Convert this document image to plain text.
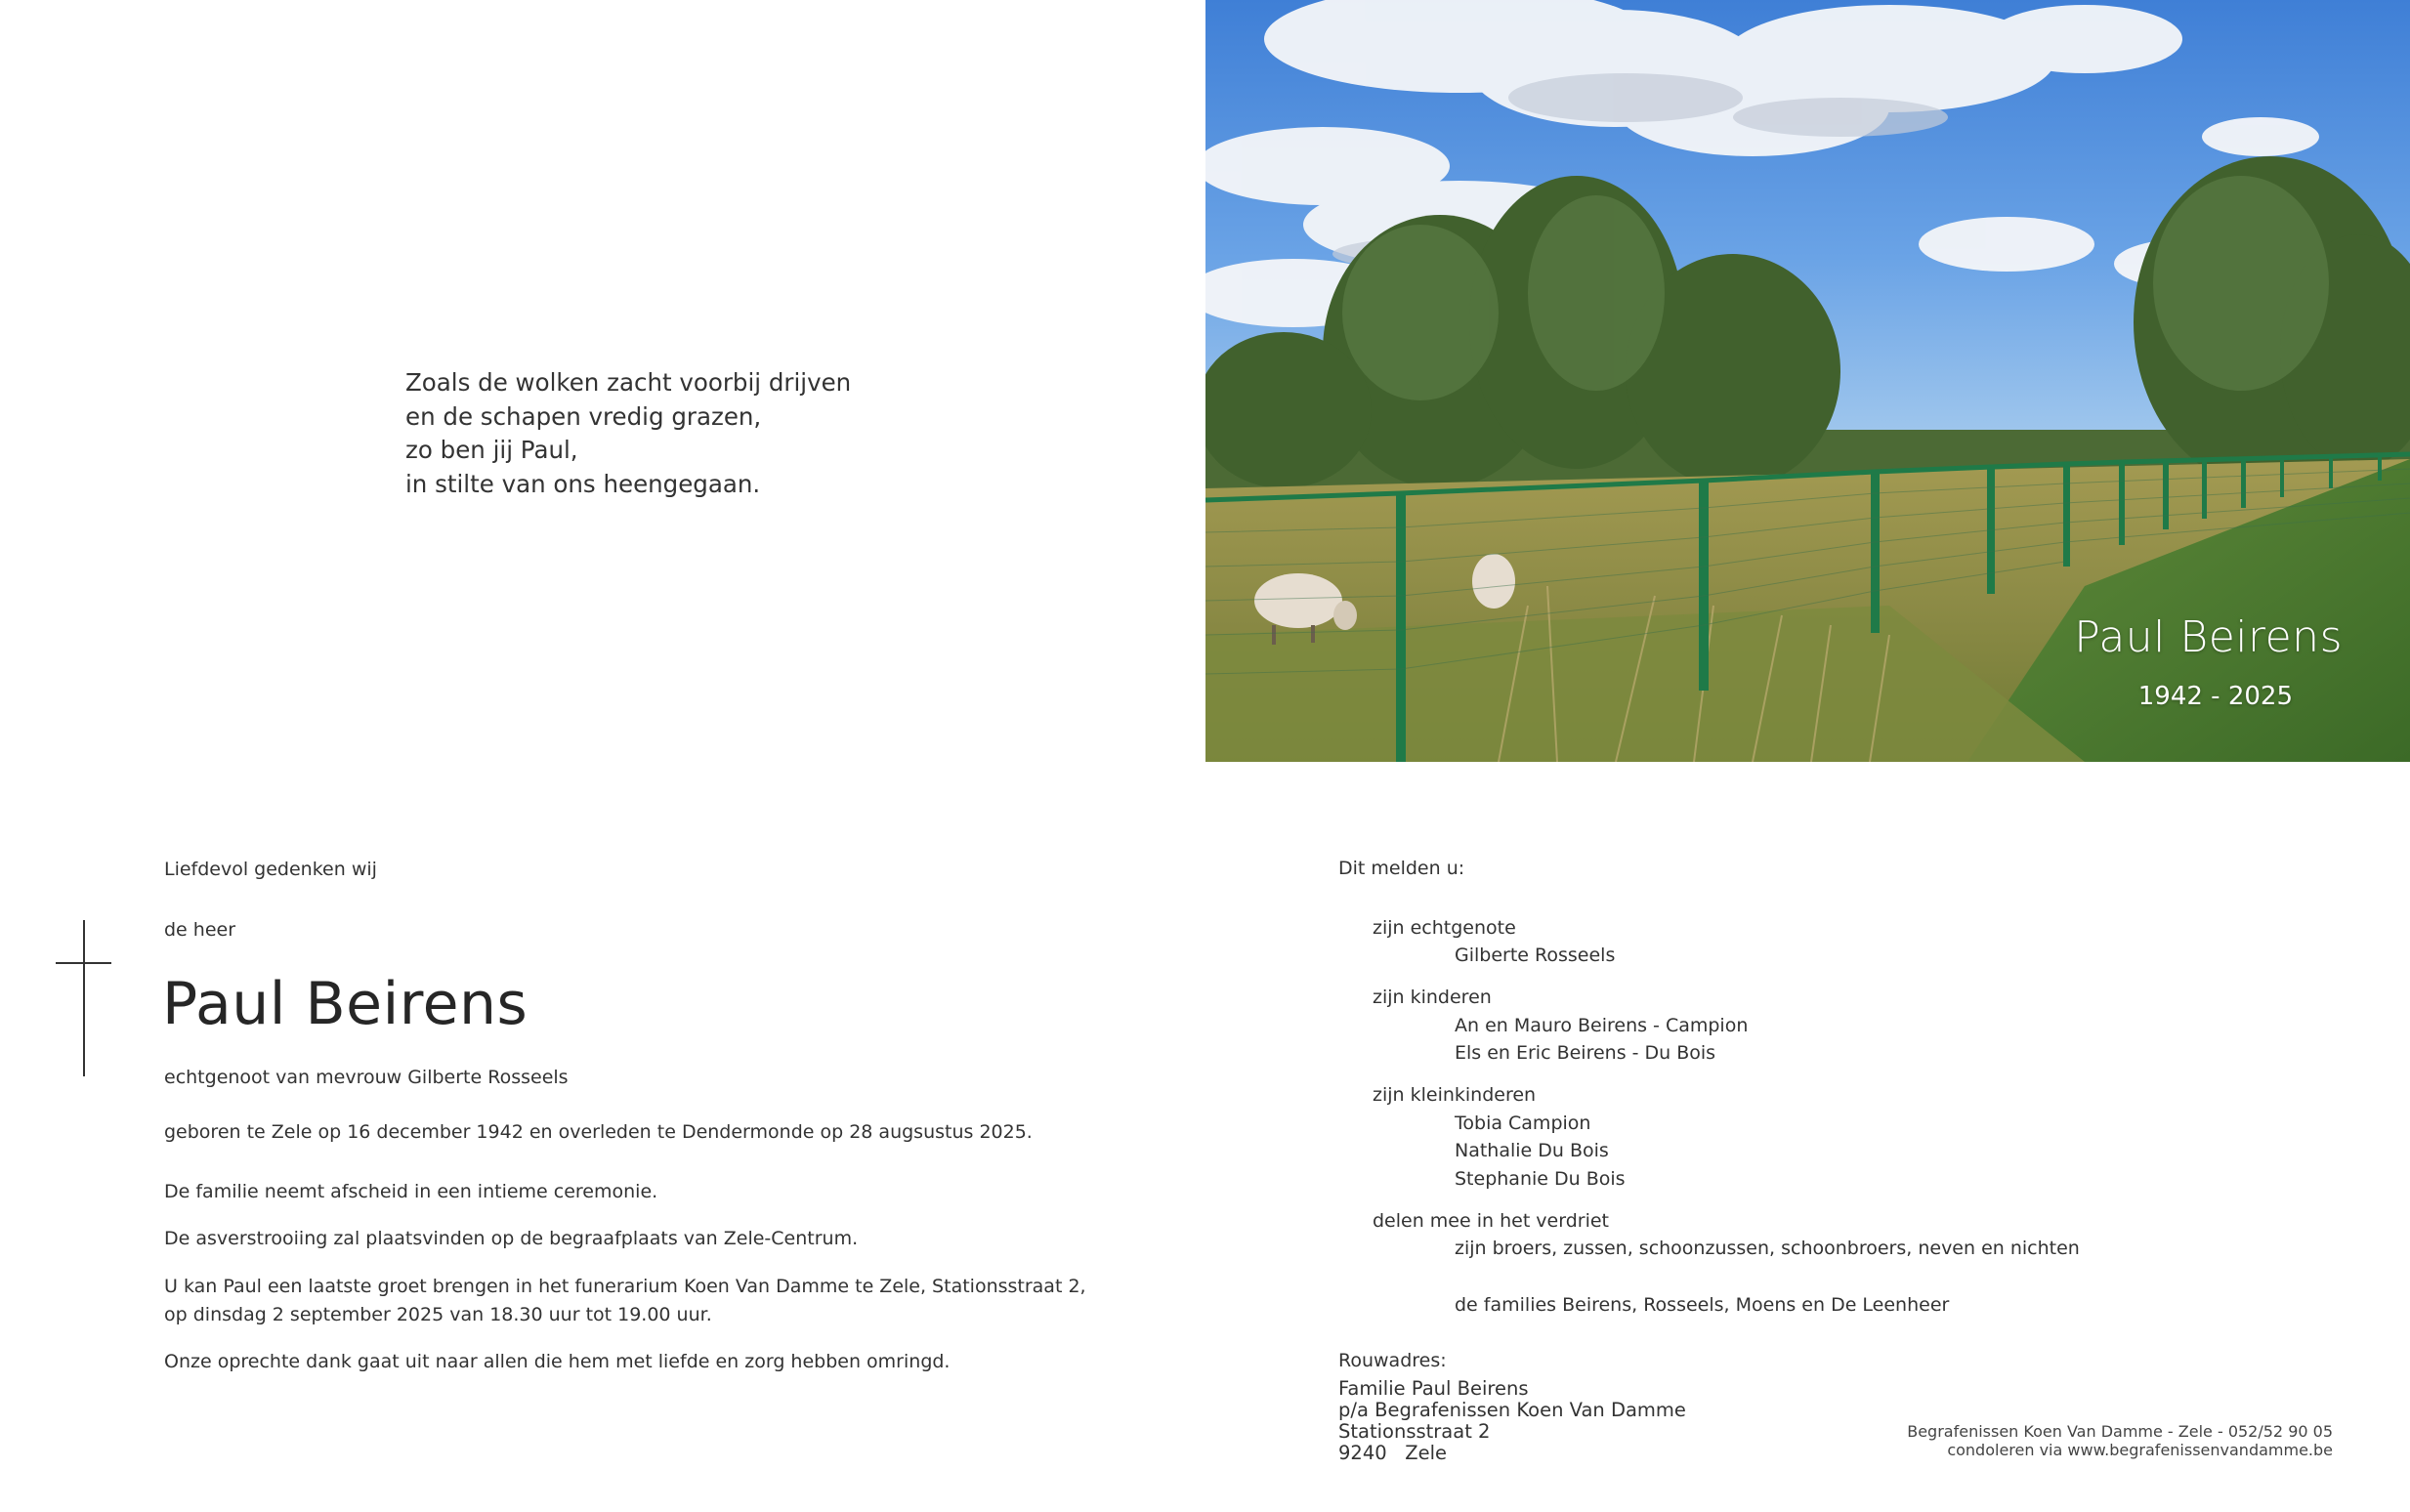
Zoals de wolken zacht voorbij drijven
en de schapen vredig grazen,
zo ben jij Paul,
in stilte van ons heengegaan.
Paul Beirens
1942 - 2025
Liefdevol gedenken wij
de heer
Paul Beirens
echtgenoot van mevrouw Gilberte Rosseels
geboren te Zele op 16 december 1942 en overleden te Dendermonde op 28 augsustus 2025.
De familie neemt afscheid in een intieme ceremonie.
De asverstrooiing zal plaatsvinden op de begraafplaats van Zele-Centrum.
U kan Paul een laatste groet brengen in het funerarium Koen Van Damme te Zele, Stationsstraat 2,
op dinsdag 2 september 2025 van 18.30 uur tot 19.00 uur.
Onze oprechte dank gaat uit naar allen die hem met liefde en zorg hebben omringd.
Dit melden u:
zijn echtgenote
Gilberte Rosseels
zijn kinderen
An en Mauro Beirens - Campion
Els en Eric Beirens - Du Bois
zijn kleinkinderen
Tobia Campion
Nathalie Du Bois
Stephanie Du Bois
delen mee in het verdriet
zijn broers, zussen, schoonzussen, schoonbroers, neven en nichten
de families Beirens, Rosseels, Moens en De Leenheer
Rouwadres:
Familie Paul Beirens
p/a Begrafenissen Koen Van Damme
Stationsstraat 2
9240   Zele
Begrafenissen Koen Van Damme - Zele - 052/52 90 05
condoleren via www.begrafenissenvandamme.be
